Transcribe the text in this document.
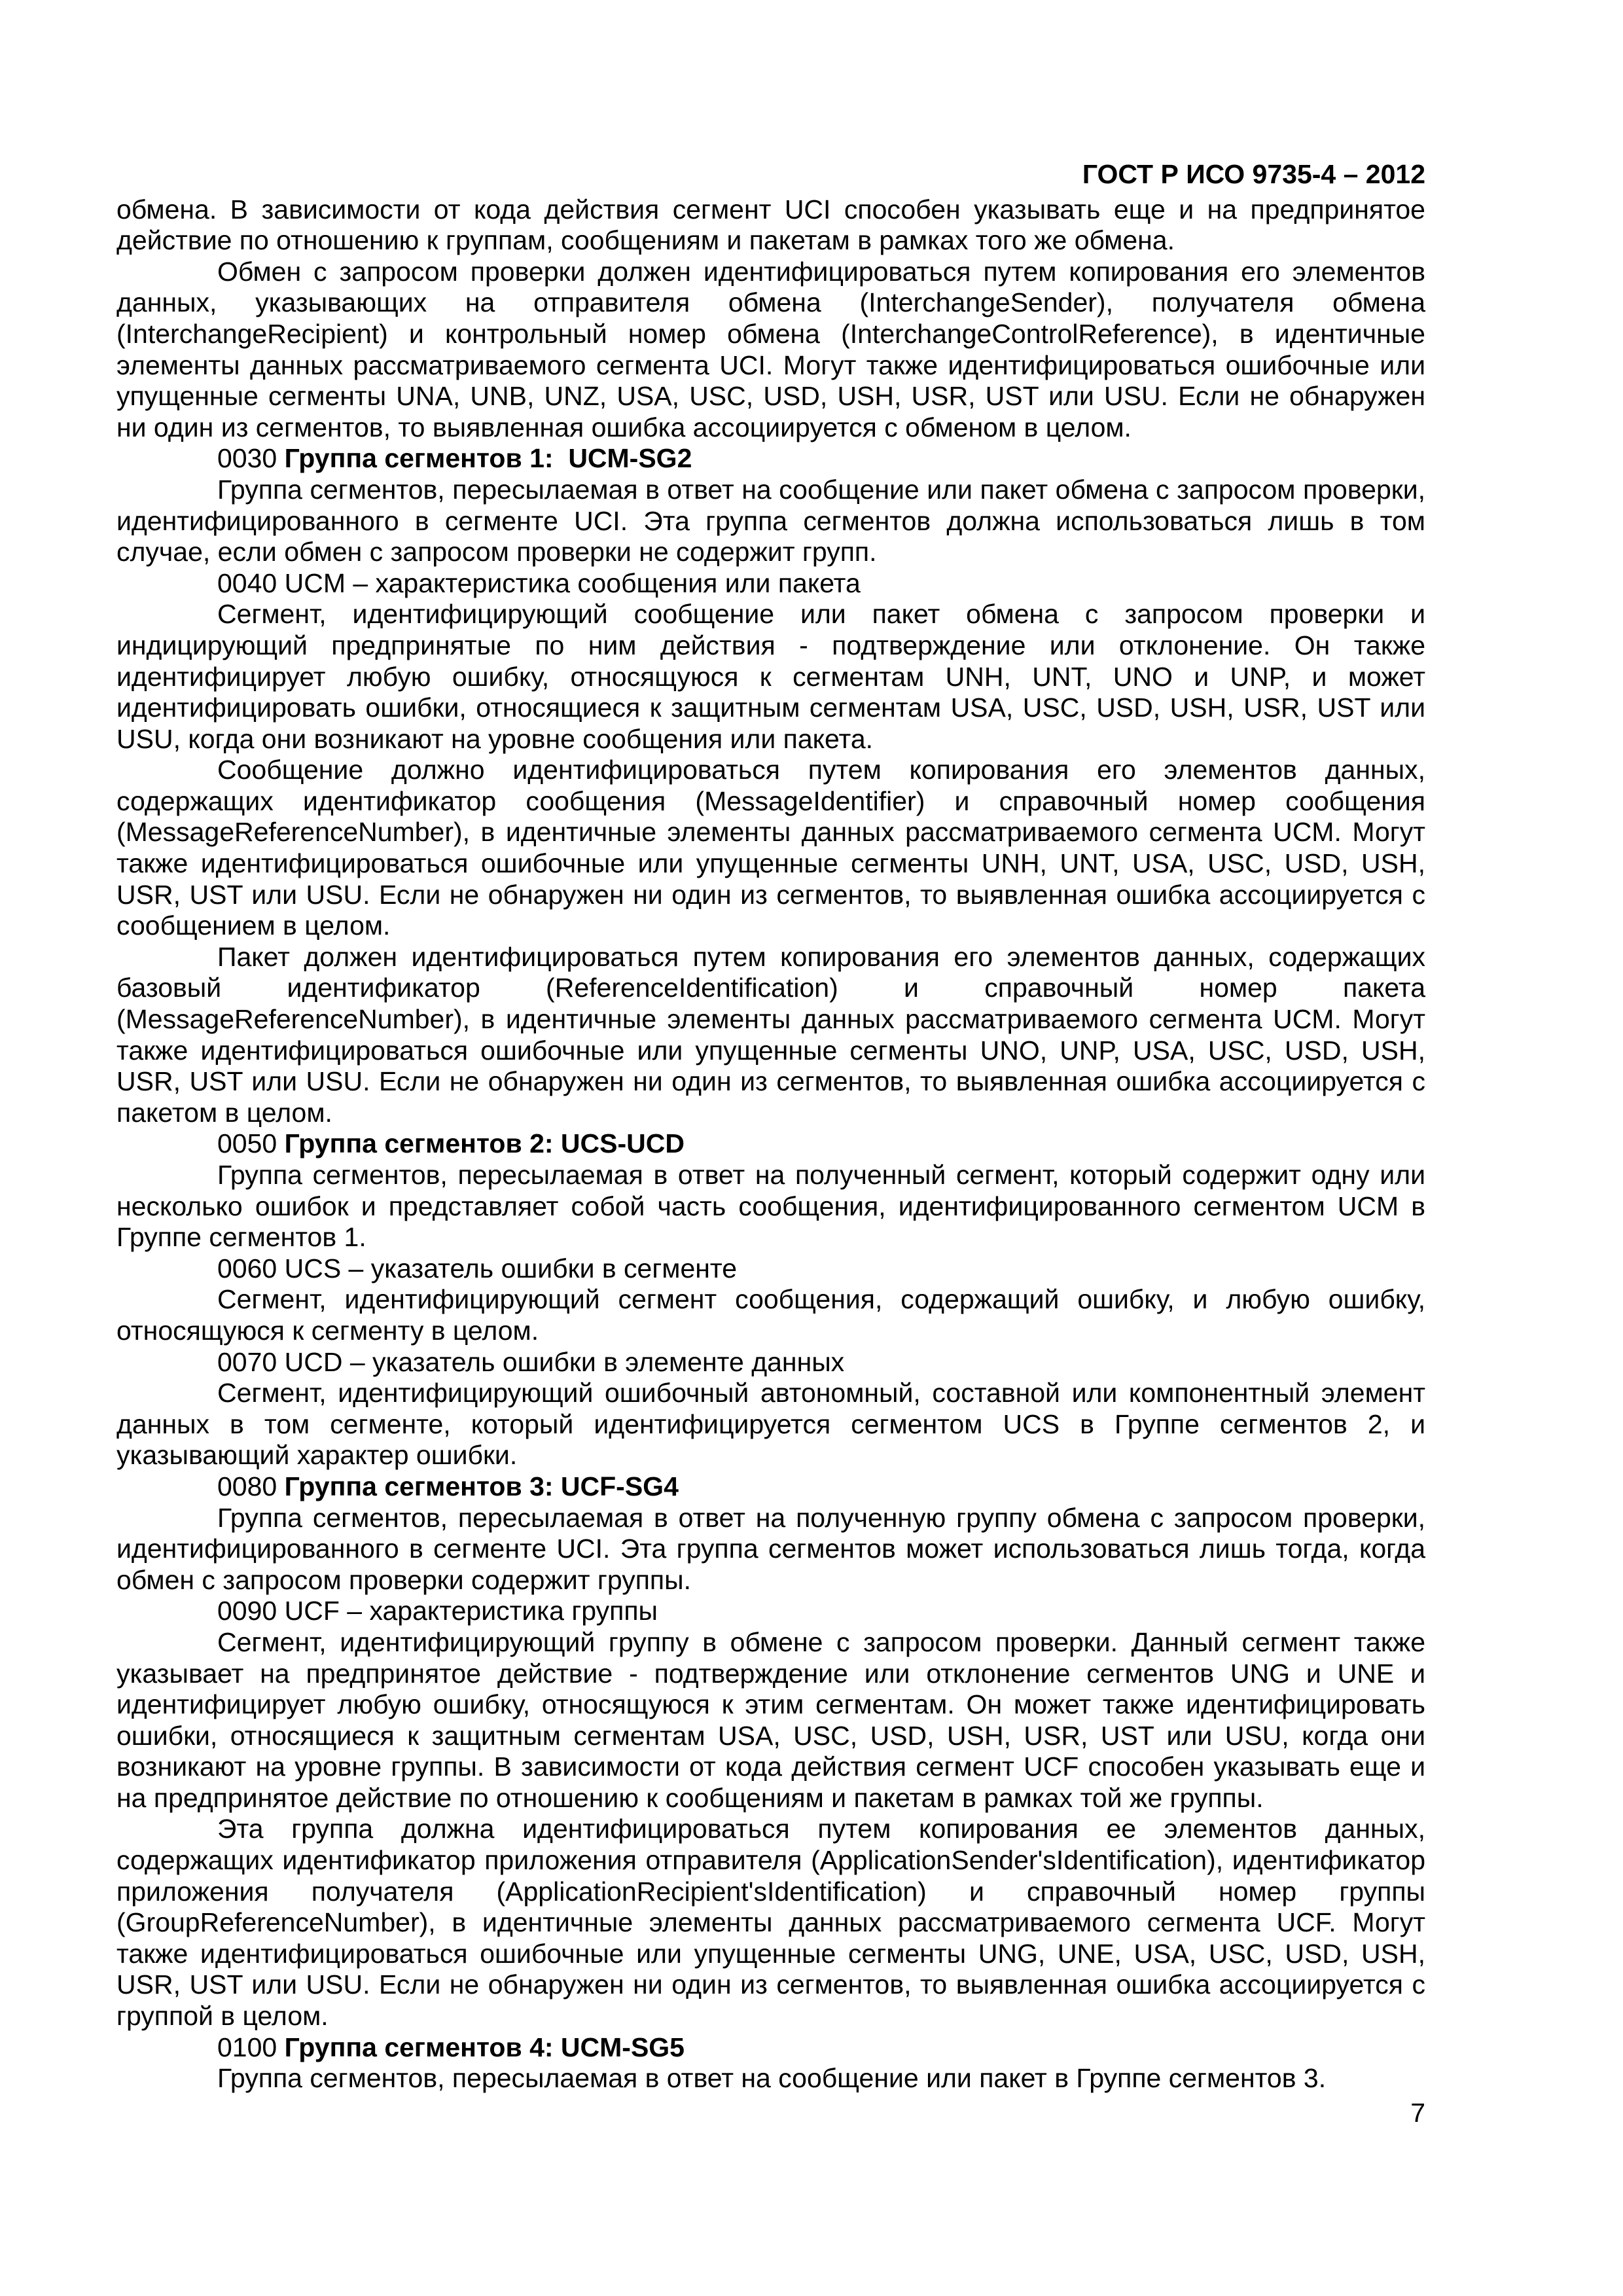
ГОСТ Р ИСО 9735-4 – 2012

обмена. В зависимости от кода действия сегмент UCI способен указывать еще и на предпринятое действие по отношению к группам, сообщениям и пакетам в рамках того же обмена.

Обмен с запросом проверки должен идентифицироваться путем копирования его элементов данных, указывающих на отправителя обмена (InterchangeSender), получателя обмена (InterchangeRecipient) и контрольный номер обмена (InterchangeControlReference), в идентичные элементы данных рассматриваемого сегмента UCI. Могут также идентифицироваться ошибочные или упущенные сегменты UNA, UNB, UNZ, USA, USC, USD, USH, USR, UST или USU. Если не обнаружен ни один из сегментов, то выявленная ошибка ассоциируется с обменом в целом.

0030 Группа сегментов 1:  UCM-SG2

Группа сегментов, пересылаемая в ответ на сообщение или пакет обмена с запросом проверки, идентифицированного в сегменте UCI. Эта группа сегментов должна использоваться лишь в том случае, если обмен с запросом проверки не содержит групп.

0040 UCM – характеристика сообщения или пакета

Сегмент, идентифицирующий сообщение или пакет обмена с запросом проверки и индицирующий предпринятые по ним действия - подтверждение или отклонение. Он также идентифицирует любую ошибку, относящуюся к сегментам UNH, UNT, UNO и UNP, и может идентифицировать ошибки, относящиеся к защитным сегментам USA, USC, USD, USH, USR, UST или USU, когда они возникают на уровне сообщения или пакета.

Сообщение должно идентифицироваться путем копирования его элементов данных, содержащих идентификатор сообщения (MessageIdentifier) и справочный номер сообщения (MessageReferenceNumber), в идентичные элементы данных рассматриваемого сегмента UCM. Могут также идентифицироваться ошибочные или упущенные сегменты UNH, UNT, USA, USC, USD, USH, USR, UST или USU. Если не обнаружен ни один из сегментов, то выявленная ошибка ассоциируется с сообщением в целом.

Пакет должен идентифицироваться путем копирования его элементов данных, содержащих базовый идентификатор (ReferenceIdentification) и справочный номер пакета (MessageReferenceNumber), в идентичные элементы данных рассматриваемого сегмента UCM. Могут также идентифицироваться ошибочные или упущенные сегменты UNO, UNP, USA, USC, USD, USH, USR, UST или USU. Если не обнаружен ни один из сегментов, то выявленная ошибка ассоциируется с пакетом в целом.

0050 Группа сегментов 2: UCS-UCD

Группа сегментов, пересылаемая в ответ на полученный сегмент, который содержит одну или несколько ошибок и представляет собой часть сообщения, идентифицированного сегментом UCM в Группе сегментов 1.

0060 UCS – указатель ошибки в сегменте

Сегмент, идентифицирующий сегмент сообщения, содержащий ошибку, и любую ошибку, относящуюся к сегменту в целом.

0070 UCD – указатель ошибки в элементе данных

Сегмент, идентифицирующий ошибочный автономный, составной или компонентный элемент данных в том сегменте, который идентифицируется сегментом UCS в Группе сегментов 2, и указывающий характер ошибки.

0080 Группа сегментов 3: UCF-SG4

Группа сегментов, пересылаемая в ответ на полученную группу обмена с запросом проверки, идентифицированного в сегменте UCI. Эта группа сегментов может использоваться лишь тогда, когда обмен с запросом проверки содержит группы.

0090 UCF – характеристика группы

Сегмент, идентифицирующий группу в обмене с запросом проверки. Данный сегмент также указывает на предпринятое действие - подтверждение или отклонение сегментов UNG и UNE и идентифицирует любую ошибку, относящуюся к этим сегментам. Он может также идентифицировать ошибки, относящиеся к защитным сегментам USA, USC, USD, USH, USR, UST или USU, когда они возникают на уровне группы. В зависимости от кода действия сегмент UCF способен указывать еще и на предпринятое действие по отношению к сообщениям и пакетам в рамках той же группы.

Эта группа должна идентифицироваться путем копирования ее элементов данных, содержащих идентификатор приложения отправителя (ApplicationSender'sIdentification), идентификатор приложения получателя (ApplicationRecipient'sIdentification) и справочный номер группы (GroupReferenceNumber), в идентичные элементы данных рассматриваемого сегмента UCF. Могут также идентифицироваться ошибочные или упущенные сегменты UNG, UNE, USA, USC, USD, USH, USR, UST или USU. Если не обнаружен ни один из сегментов, то выявленная ошибка ассоциируется с группой в целом.

0100 Группа сегментов 4: UCM-SG5

Группа сегментов, пересылаемая в ответ на сообщение или пакет в Группе сегментов 3.

7
